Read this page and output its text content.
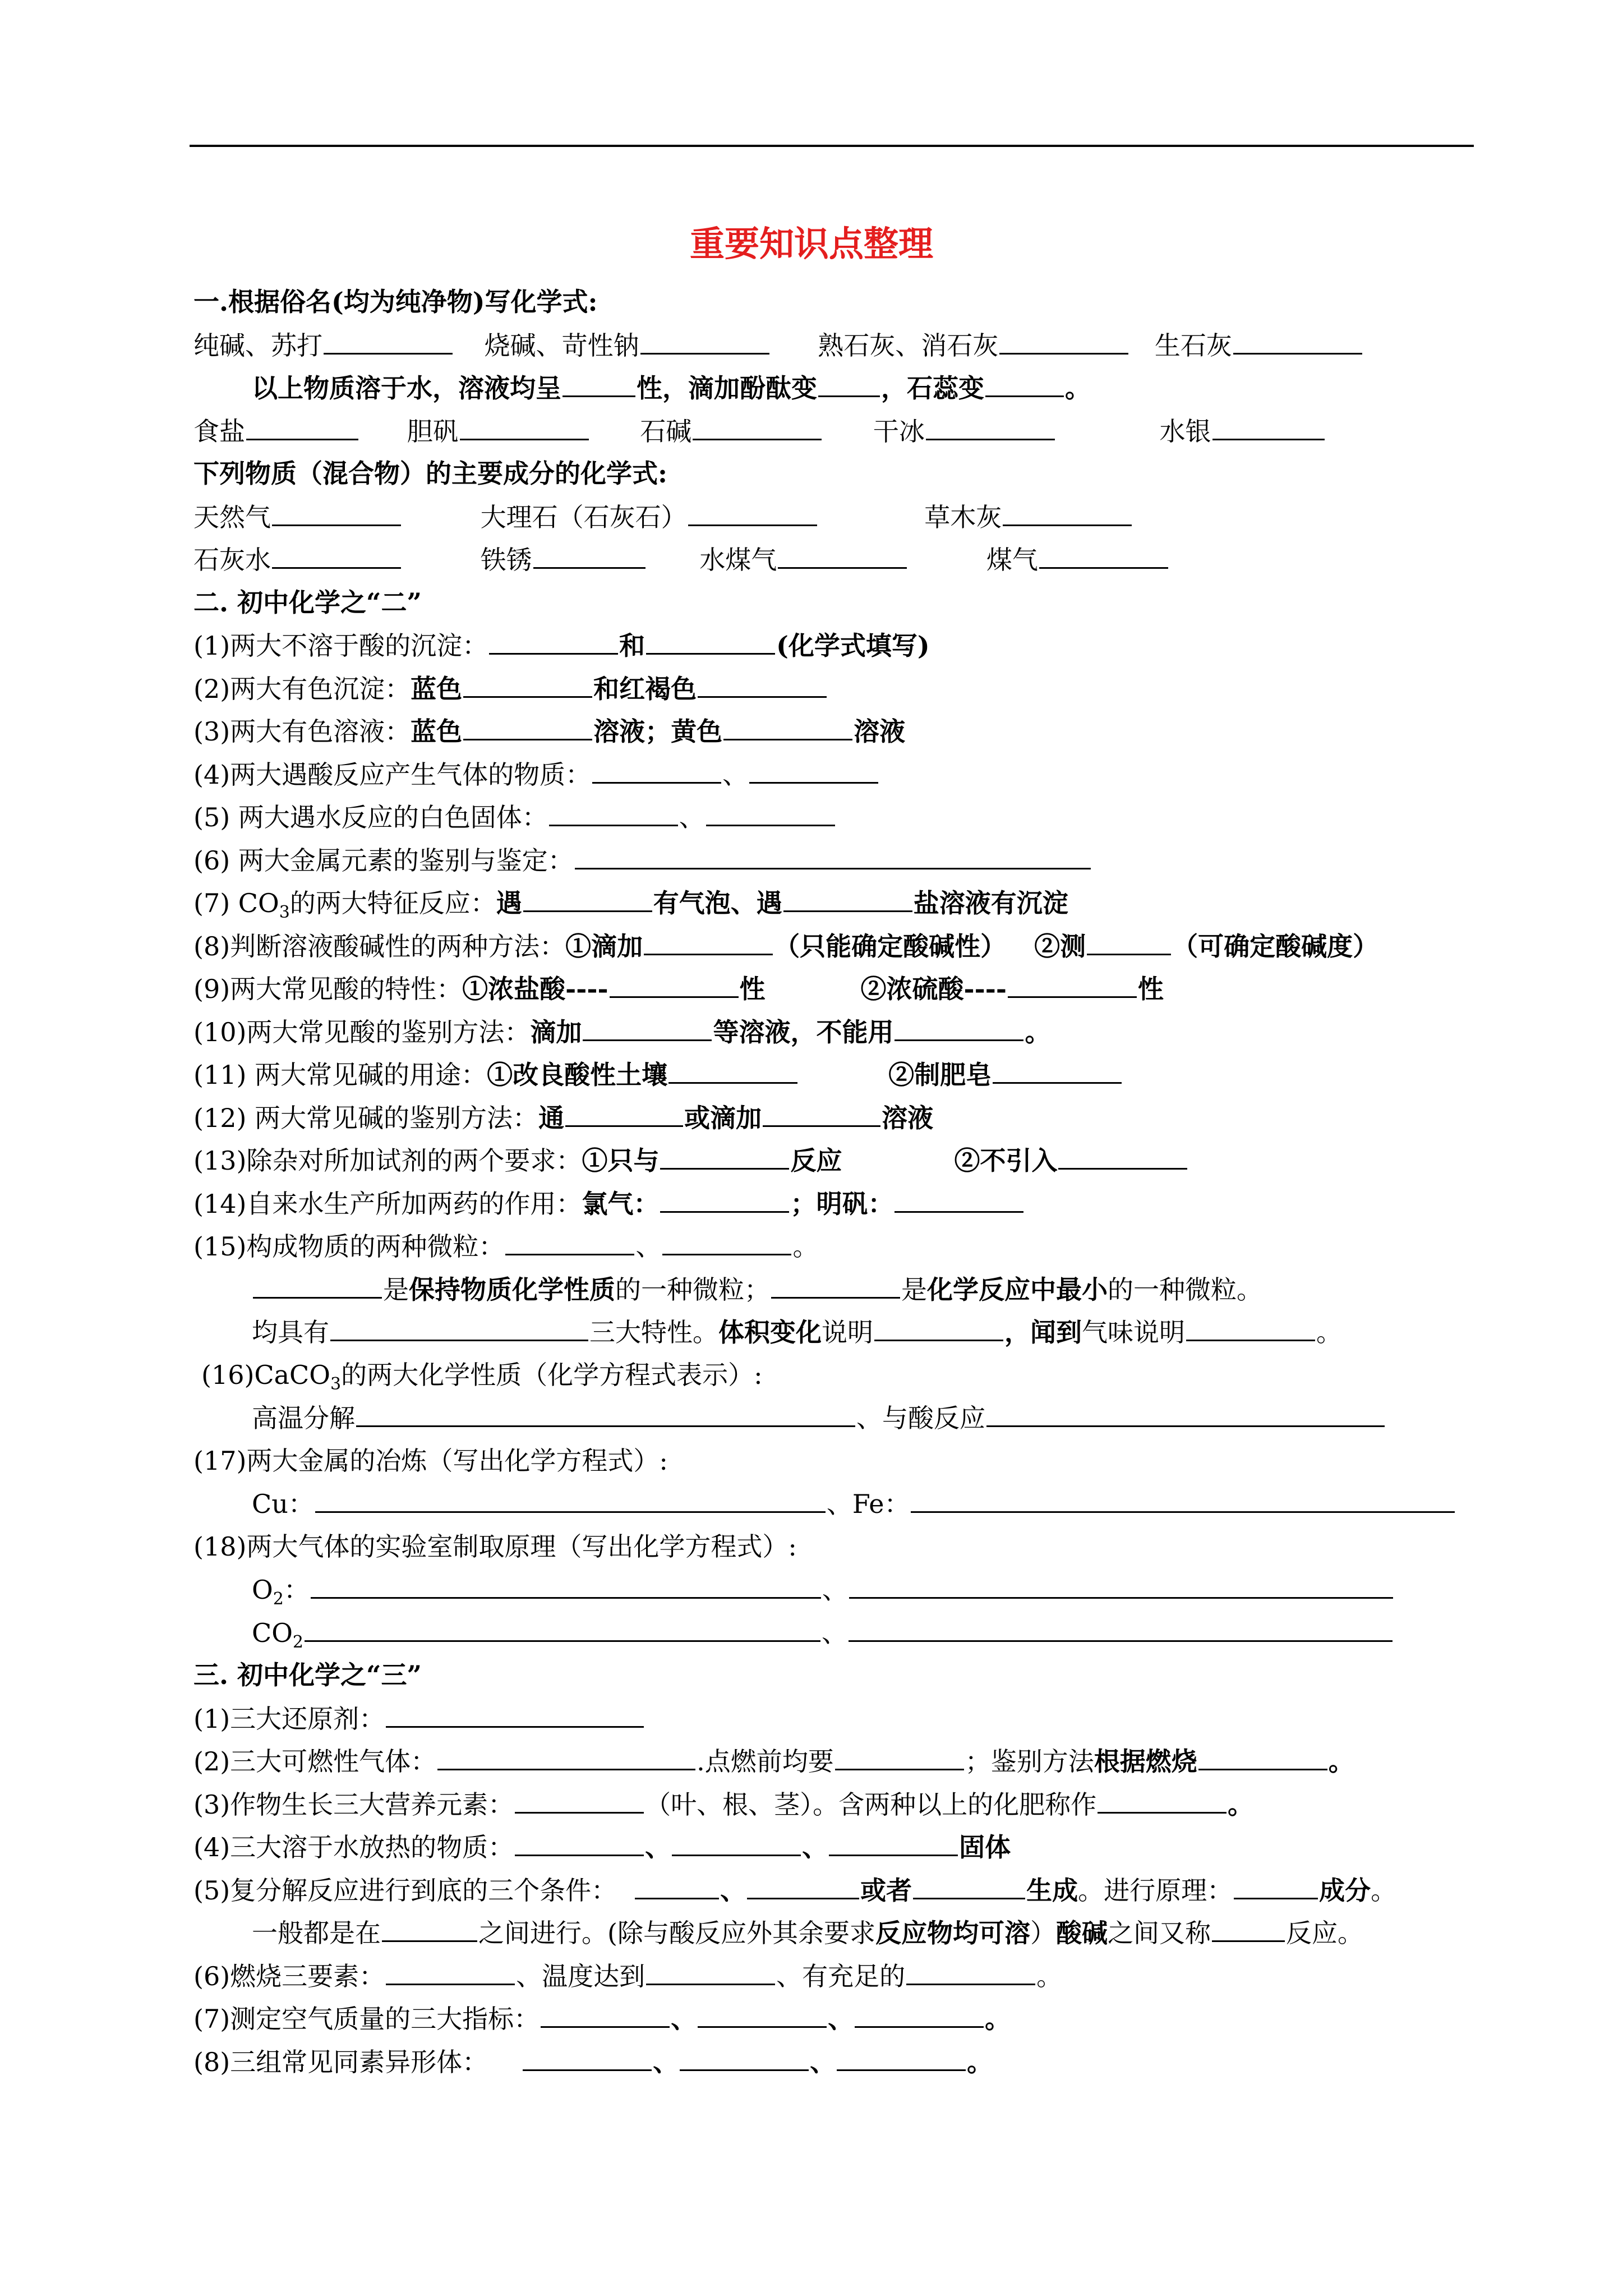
重要知识点整理
一.根据俗名(均为纯净物)写化学式:
纯碱、苏打	烧碱、苛性钠	熟石灰、消石灰	生石灰
以上物质溶于水，溶液均呈	性，滴加酚酞变 ，石蕊变	。
食盐	胆矾	石碱	干冰	水银
下列物质（混合物）的主要成分的化学式:
天然气	大理石（石灰石）	草木灰
石灰水	铁锈	水煤气	煤气
二. 初中化学之“二”
(1)两大不溶于酸的沉淀：	和	(化学式填写)
(2)两大有色沉淀：蓝色	和红褐色
(3)两大有色溶液：蓝色	溶液；黄色	溶液
(4)两大遇酸反应产生气体的物质：	、
(5) 两大遇水反应的白色固体：	、
(6) 两大金属元素的鉴别与鉴定：
(7) $CO_3$的两大特征反应：遇	有气泡、遇	盐溶液有沉淀
(8)判断溶液酸碱性的两种方法：①滴加	（只能确定酸碱性） ②测	（可确定酸碱度）
(9)两大常见酸的特性：①浓盐酸----	性	②浓硫酸----	性
(10)两大常见酸的鉴别方法：滴加	等溶液，不能用	。
(11) 两大常见碱的用途：①改良酸性土壤	②制肥皂
(12) 两大常见碱的鉴别方法：通	或滴加	溶液
(13)除杂对所加试剂的两个要求：①只与	反应	②不引入
(14)自来水生产所加两药的作用：氯气：	；明矾：
(15)构成物质的两种微粒：	、	。
是保持物质化学性质的一种微粒；	是化学反应中最小的一种微粒。
均具有	三大特性。体积变化说明	，闻到气味说明	。
(16)CaCO$_3$的两大化学性质（化学方程式表示）:
高温分解	、与酸反应
(17)两大金属的冶炼（写出化学方程式）:
Cu：	、Fe：
(18)两大气体的实验室制取原理（写出化学方程式）:
$O_2$：	、
$CO_2$	、
三. 初中化学之“三”
(1)三大还原剂：
(2)三大可燃性气体：	.点燃前均要	；鉴别方法根据燃烧	。
(3)作物生长三大营养元素：	（叶、根、茎）。含两种以上的化肥称作	。
(4)三大溶于水放热的物质：	、	、	固体
(5)复分解反应进行到底的三个条件：	、	或者	生成。进行原理：	成分。
一般都是在	之间进行。(除与酸反应外其余要求反应物均可溶）酸碱之间又称	反应。
(6)燃烧三要素：	、温度达到	、有充足的	。
(7)测定空气质量的三大指标：	、	、	。
(8)三组常见同素异形体：	、	、	。
